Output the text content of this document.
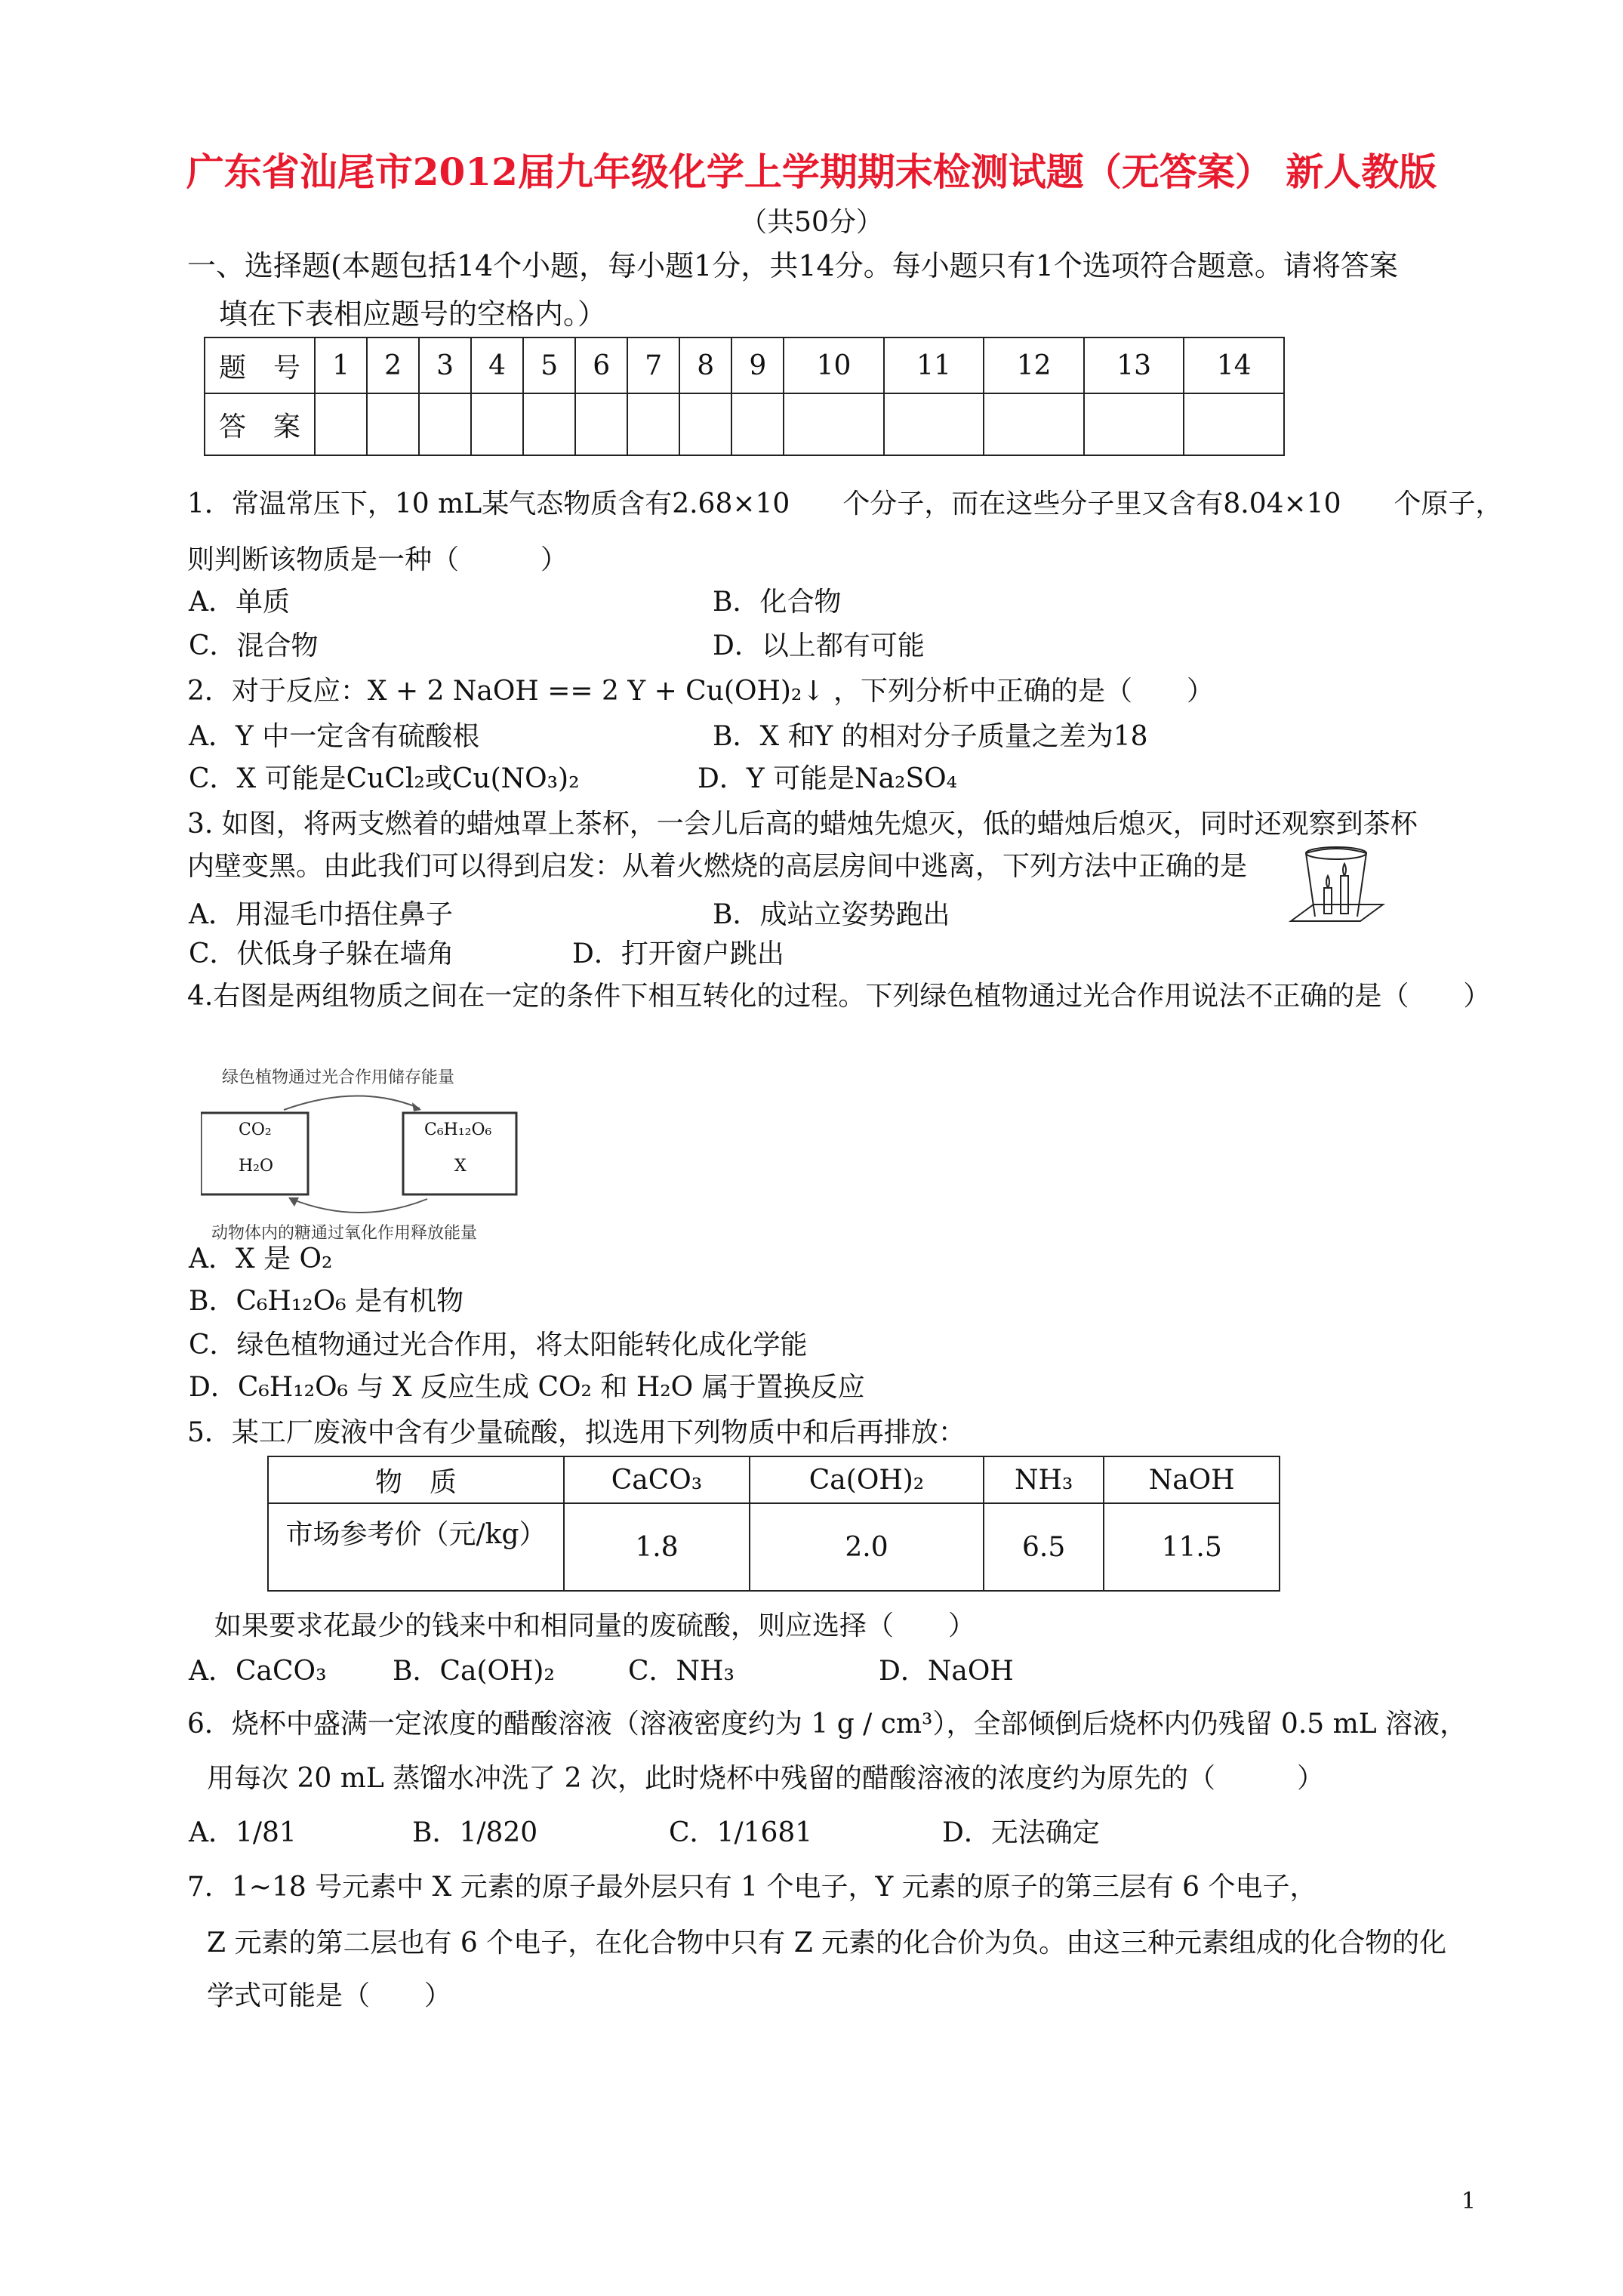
广东省汕尾市2012届九年级化学上学期期末检测试题（无答案） 新人教版
（共50分）
一、选择题(本题包括14个小题，每小题1分，共14分。每小题只有1个选项符合题意。请将答案
填在下表相应题号的空格内。）
题　号	1	2	3	4	5	6	7	8	9	10	11	12	13	14
答　案														
1．常温常压下，10 mL某气态物质含有2.68×10 个分子，而在这些分子里又含有8.04×10 个原子，
则判断该物质是一种（　　　）
A．单质	B．化合物
C．混合物	D．以上都有可能
2．对于反应：X + 2 NaOH == 2 Y + Cu(OH)₂↓ ，下列分析中正确的是（　　）
A．Y 中一定含有硫酸根	B．X 和Y 的相对分子质量之差为18
C．X 可能是CuCl₂或Cu(NO₃)₂	D．Y 可能是Na₂SO₄
3. 如图，将两支燃着的蜡烛罩上茶杯，一会儿后高的蜡烛先熄灭，低的蜡烛后熄灭，同时还观察到茶杯
内壁变黑。由此我们可以得到启发：从着火燃烧的高层房间中逃离，下列方法中正确的是
A．用湿毛巾捂住鼻子	B．成站立姿势跑出
C．伏低身子躲在墙角	D．打开窗户跳出
4.右图是两组物质之间在一定的条件下相互转化的过程。下列绿色植物通过光合作用说法不正确的是（　　）
绿色植物通过光合作用储存能量
动物体内的糖通过氧化作用释放能量
CO₂
H₂O
C₆H₁₂O₆
X
A．X 是 O₂
B．C₆H₁₂O₆ 是有机物
C．绿色植物通过光合作用，将太阳能转化成化学能
D．C₆H₁₂O₆ 与 X 反应生成 CO₂ 和 H₂O 属于置换反应
5．某工厂废液中含有少量硫酸，拟选用下列物质中和后再排放：
物　质	CaCO₃	Ca(OH)₂	NH₃	NaOH
市场参考价（元/kg）	1.8	2.0	6.5	11.5
如果要求花最少的钱来中和相同量的废硫酸，则应选择（　　）
A．CaCO₃ B．Ca(OH)₂	C．NH₃	D．NaOH
6．烧杯中盛满一定浓度的醋酸溶液（溶液密度约为 1 g / cm³），全部倾倒后烧杯内仍残留 0.5 mL 溶液，
用每次 20 mL 蒸馏水冲洗了 2 次，此时烧杯中残留的醋酸溶液的浓度约为原先的（　　　）
A．1/81	B．1/820	C．1/1681	D．无法确定
7．1~18 号元素中 X 元素的原子最外层只有 1 个电子，Y 元素的原子的第三层有 6 个电子，
Z 元素的第二层也有 6 个电子，在化合物中只有 Z 元素的化合价为负。由这三种元素组成的化合物的化
学式可能是（　　）
1
